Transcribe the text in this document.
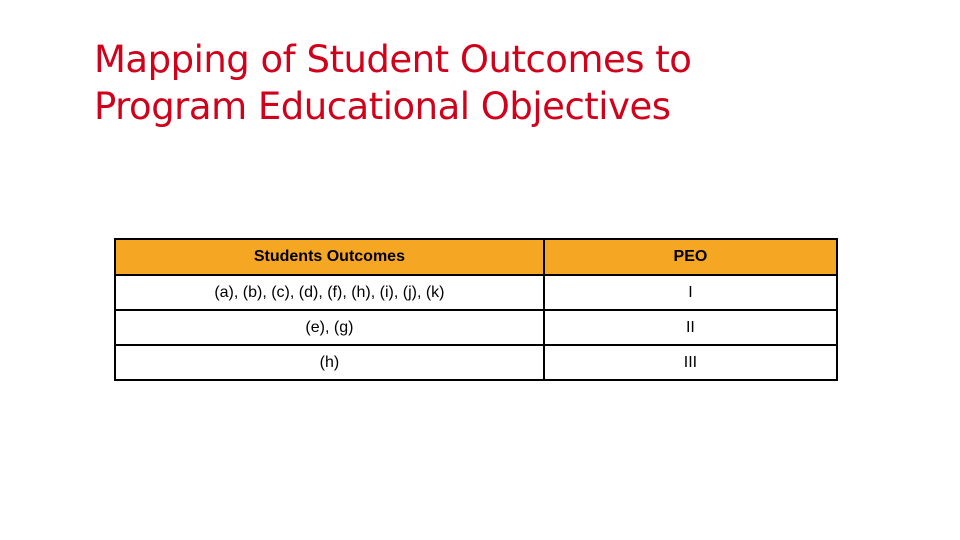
Mapping of Student Outcomes to
Program Educational Objectives
Students Outcomes	PEO
(a), (b), (c), (d), (f), (h), (i), (j), (k)	I
(e), (g)	II
(h)	III
